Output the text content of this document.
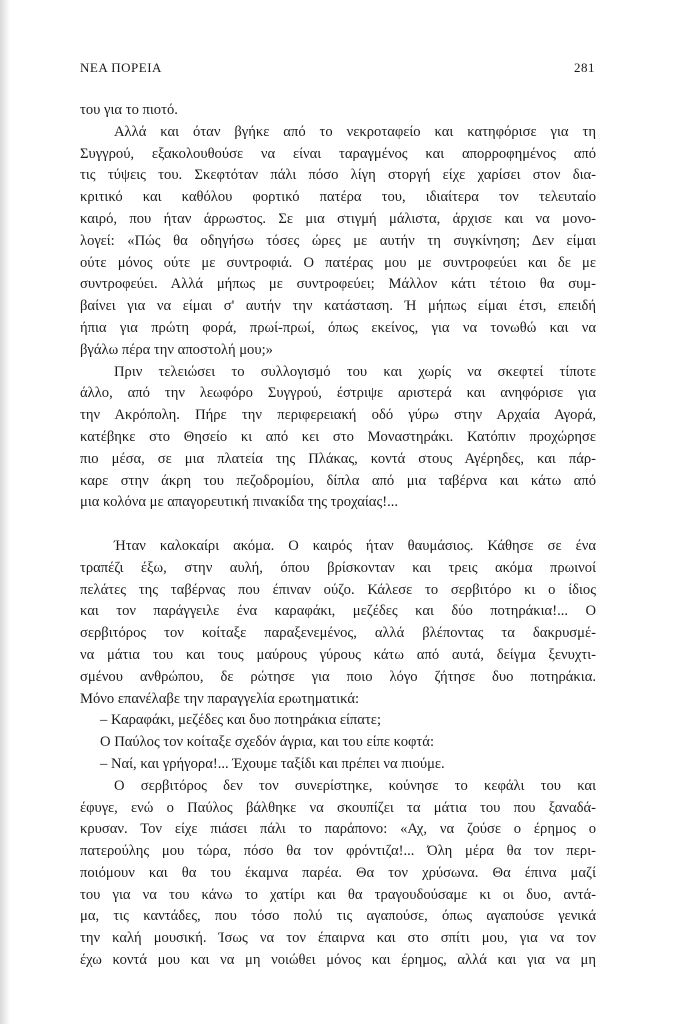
ΝΕΑ ΠΟΡΕΙΑ	281
του για το πιοτό.
Αλλά και όταν βγήκε από το νεκροταφείο και κατηφόρισε για τη
Συγγρού, εξακολουθούσε να είναι ταραγμένος και απορροφημένος από
τις τύψεις του. Σκεφτόταν πάλι πόσο λίγη στοργή είχε χαρίσει στον δια-
κριτικό και καθόλου φορτικό πατέρα του, ιδιαίτερα τον τελευταίο
καιρό, που ήταν άρρωστος. Σε μια στιγμή μάλιστα, άρχισε και να μονο-
λογεί: «Πώς θα οδηγήσω τόσες ώρες με αυτήν τη συγκίνηση; Δεν είμαι
ούτε μόνος ούτε με συντροφιά. Ο πατέρας μου με συντροφεύει και δε με
συντροφεύει. Αλλά μήπως με συντροφεύει; Μάλλον κάτι τέτοιο θα συμ-
βαίνει για να είμαι σ' αυτήν την κατάσταση. Ή μήπως είμαι έτσι, επειδή
ήπια για πρώτη φορά, πρωί-πρωί, όπως εκείνος, για να τονωθώ και να
βγάλω πέρα την αποστολή μου;»
Πριν τελειώσει το συλλογισμό του και χωρίς να σκεφτεί τίποτε
άλλο, από την λεωφόρο Συγγρού, έστριψε αριστερά και ανηφόρισε για
την Ακρόπολη. Πήρε την περιφερειακή οδό γύρω στην Αρχαία Αγορά,
κατέβηκε στο Θησείο κι από κει στο Μοναστηράκι. Κατόπιν προχώρησε
πιο μέσα, σε μια πλατεία της Πλάκας, κοντά στους Αγέρηδες, και πάρ-
καρε στην άκρη του πεζοδρομίου, δίπλα από μια ταβέρνα και κάτω από
μια κολόνα με απαγορευτική πινακίδα της τροχαίας!...
Ήταν καλοκαίρι ακόμα. Ο καιρός ήταν θαυμάσιος. Κάθησε σε ένα
τραπέζι έξω, στην αυλή, όπου βρίσκονταν και τρεις ακόμα πρωινοί
πελάτες της ταβέρνας που έπιναν ούζο. Κάλεσε το σερβιτόρο κι ο ίδιος
και τον παράγγειλε ένα καραφάκι, μεζέδες και δύο ποτηράκια!... Ο
σερβιτόρος τον κοίταξε παραξενεμένος, αλλά βλέποντας τα δακρυσμέ-
να μάτια του και τους μαύρους γύρους κάτω από αυτά, δείγμα ξενυχτι-
σμένου ανθρώπου, δε ρώτησε για ποιο λόγο ζήτησε δυο ποτηράκια.
Μόνο επανέλαβε την παραγγελία ερωτηματικά:
– Καραφάκι, μεζέδες και δυο ποτηράκια είπατε;
Ο Παύλος τον κοίταξε σχεδόν άγρια, και του είπε κοφτά:
– Ναί, και γρήγορα!... Έχουμε ταξίδι και πρέπει να πιούμε.
Ο σερβιτόρος δεν τον συνερίστηκε, κούνησε το κεφάλι του και
έφυγε, ενώ ο Παύλος βάλθηκε να σκουπίζει τα μάτια του που ξαναδά-
κρυσαν. Τον είχε πιάσει πάλι το παράπονο: «Αχ, να ζούσε ο έρημος ο
πατερούλης μου τώρα, πόσο θα τον φρόντιζα!... Όλη μέρα θα τον περι-
ποιόμουν και θα του έκαμνα παρέα. Θα τον χρύσωνα. Θα έπινα μαζί
του για να του κάνω το χατίρι και θα τραγουδούσαμε κι οι δυο, αντά-
μα, τις καντάδες, που τόσο πολύ τις αγαπούσε, όπως αγαπούσε γενικά
την καλή μουσική. Ίσως να τον έπαιρνα και στο σπίτι μου, για να τον
έχω κοντά μου και να μη νοιώθει μόνος και έρημος, αλλά και για να μη
